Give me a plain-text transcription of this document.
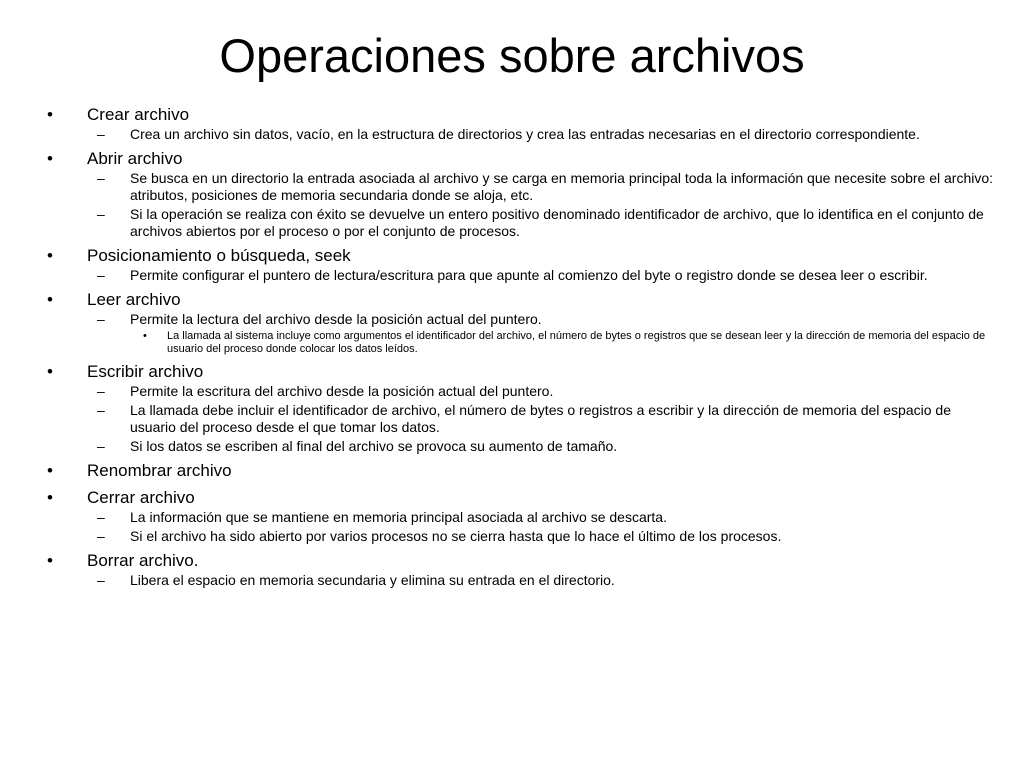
Operaciones sobre archivos
•	Crear archivo
–	Crea un archivo sin datos, vacío, en la estructura de directorios y crea las entradas necesarias en el directorio correspondiente.
•	Abrir archivo
–	Se busca en un directorio la entrada asociada al archivo y se carga en memoria principal toda la información que necesite sobre el archivo: atributos, posiciones de memoria secundaria donde se aloja, etc.
–	Si la operación se realiza con éxito se devuelve un entero positivo denominado identificador de archivo, que lo identifica en el conjunto de archivos abiertos por el proceso o por el conjunto de procesos.
•	Posicionamiento o búsqueda, seek
–	Permite configurar el puntero de lectura/escritura para que apunte al comienzo del byte o registro donde se desea leer o escribir.
•	Leer archivo
–	Permite la lectura del archivo desde la posición actual del puntero.
•	La llamada al sistema incluye como argumentos el identificador del archivo, el número de bytes o registros que se desean leer y la dirección de memoria del espacio de usuario del proceso donde colocar los datos leídos.
•	Escribir archivo
–	Permite la escritura del archivo desde la posición actual del puntero.
–	La llamada debe incluir el identificador de archivo, el número de bytes o registros a escribir y la dirección de memoria del espacio de usuario del proceso desde el que tomar los datos.
–	Si los datos se escriben al final del archivo se provoca su aumento de tamaño.
•	Renombrar archivo
•	Cerrar archivo
–	La información que se mantiene en memoria principal asociada al archivo se descarta.
–	Si el archivo ha sido abierto por varios procesos no se cierra hasta que lo hace el último de los procesos.
•	Borrar archivo.
–	Libera el espacio en memoria secundaria y elimina su entrada en el directorio.
